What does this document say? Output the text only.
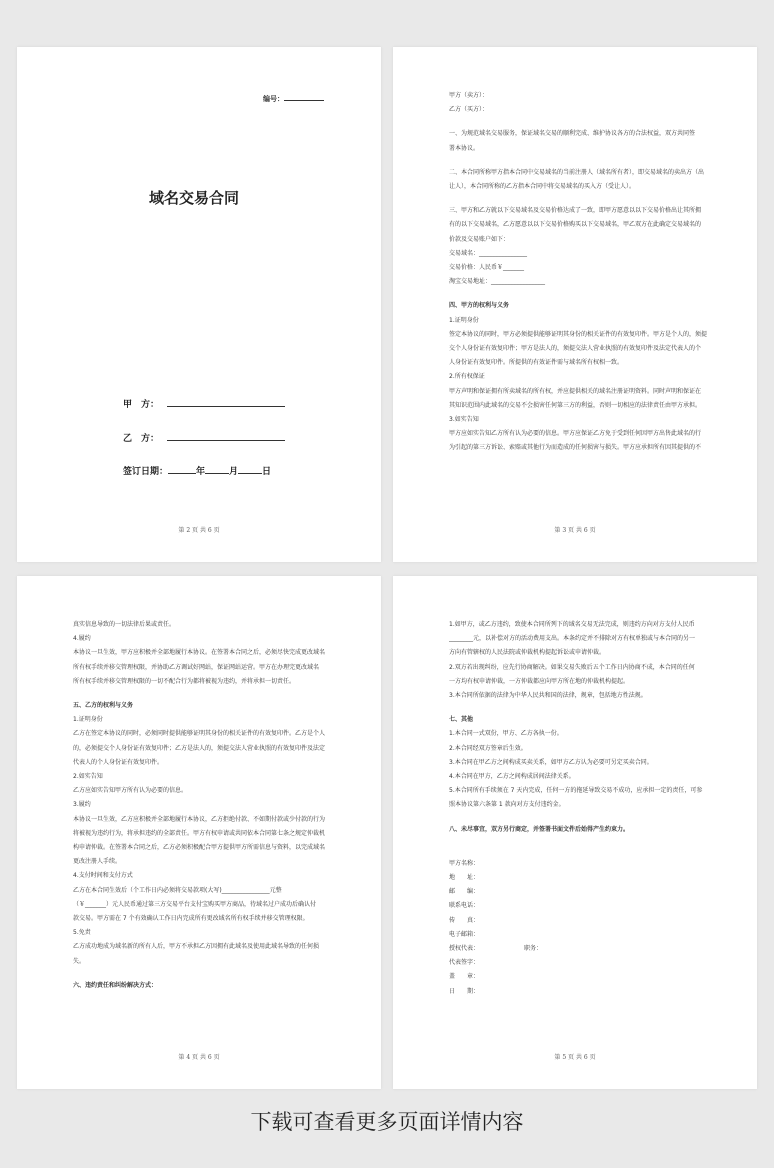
编号：
域名交易合同
甲　方：
乙　方：
签订日期：	年	月	日
第 2 页 共 6 页
甲方（卖方）：
乙方（买方）：
一、为规范域名交易服务，保证域名交易的顺利完成、维护协议各方的合法权益，双方共同签
署本协议。
二、本合同所称甲方指本合同中交易域名的当前注册人（域名所有者），即交易域名的卖出方（出
让人），本合同所称的乙方指本合同中将交易域名的买入方（受让人）。
三、甲方和乙方就以下交易域名及交易价格达成了一致，即甲方愿意以以下交易价格出让其所拥
有的以下交易域名，乙方愿意以以下交易价格购买以下交易域名，甲乙双方在此确定交易域名的
价款及交易账户如下：
交易域名：________________
交易价格：人民币￥_______
淘宝交易地址：__________________
四、甲方的权利与义务
1.证明身份
签定本协议的同时，甲方必须提供能够证明其身份的相关证件的有效复印件。甲方是个人的，须提
交个人身份证有效复印件；甲方是法人的，须提交法人营业执照的有效复印件及法定代表人的个
人身份证有效复印件。所提供的有效证件需与域名所有权相一致。
2.所有权保证
甲方声明和保证拥有所卖域名的所有权，并应提供相关的域名注册证明资料。同时声明和保证在
其知识范围内此域名的交易不会损害任何第三方的利益，否则一切相应的法律责任由甲方承担。
3.如实告知
甲方应如实告知乙方所有认为必要的信息。甲方应保证乙方免于受到任何因甲方出售此域名的行
为引起的第三方诉讼、索赔或其他行为而造成的任何损害与损失。甲方应承担所有因其提供的不
第 3 页 共 6 页
真实信息导致的一切法律后果或责任。
4.履约
本协议一旦生效，甲方应积极并全部地履行本协议。在签署本合同之后，必须尽快完成更改域名
所有权手续并移交管理权限，并协助乙方调试好网站，保证网站运营。甲方在办理完更改域名
所有权手续并移交管理权限的一切不配合行为都将被视为违约，并将承担一切责任。
五、乙方的权利与义务
1.证明身份
乙方在签定本协议的同时，必须同时提供能够证明其身份的相关证件的有效复印件。乙方是个人
的，必须提交个人身份证有效复印件；乙方是法人的，须提交法人营业执照的有效复印件及法定
代表人的个人身份证有效复印件。
2.如实告知
乙方应如实告知甲方所有认为必要的信息。
3.履约
本协议一旦生效，乙方应积极并全部地履行本协议，乙方拒绝付款、不如期付款或少付款的行为
将被视为违约行为，将承担违约的全部责任。甲方有权申请或共同依本合同第七条之规定仲裁机
构申请仲裁。在签署本合同之后，乙方必须积极配合甲方提供甲方所需信息与资料，以完成域名
更改注册人手续。
4.支付时间和支付方式
乙方在本合同生效后（个工作日内必须将交易款项(大写)________________元整
（￥_______）元人民币通过第三方交易平台支付宝购买甲方商品，待域名过户成功后确认付
款交易。甲方需在 7 个有效确认工作日内完成所有更改域名所有权手续并移交管理权限。
5.免责
乙方成功地成为域名新的所有人后，甲方不承担乙方因拥有此域名及使用此域名导致的任何损
失。
六、违约责任和纠纷解决方式：
第 4 页 共 6 页
1.如甲方，或乙方违约，致使本合同所列下的域名交易无法完成，则违约方向对方支付人民币
________元，以补偿对方的活动费用支出。本条约定并不排除对方有权单独或与本合同的另一
方向有管辖权的人民法院或仲裁机构提起诉讼或申请仲裁。
2.双方若出现纠纷，应先行协商解决。如果交易失败后五个工作日内协商不成，本合同的任何
一方均有权申请仲裁，一方仲裁都应向甲方所在地的仲裁机构提起。
3.本合同所依据的法律为中华人民共和国的法律，规章，包括地方性法规。
七、其他
1.本合同一式双份，甲方、乙方各执一份。
2.本合同经双方签章后生效。
3.本合同在甲乙方之间构成买卖关系，如甲方乙方认为必要可另定买卖合同。
4.本合同在甲方，乙方之间构成居间法律关系。
5.本合同所有手续须在 7 天内完成，任何一方的拖延导致交易不成功，应承担一定的责任，可参
照本协议第六条第 1 款向对方支付违约金。
八、未尽事宜，双方另行商定，并签署书面文件后始得产生约束力。
甲方名称：
地　　址：
邮　　编：
联系电话：
传　　真：
电子邮箱：
授权代表：　　　　　　　　职务：
代表签字：
盖　　章：
日　　期：
第 5 页 共 6 页
下载可查看更多页面详情内容
